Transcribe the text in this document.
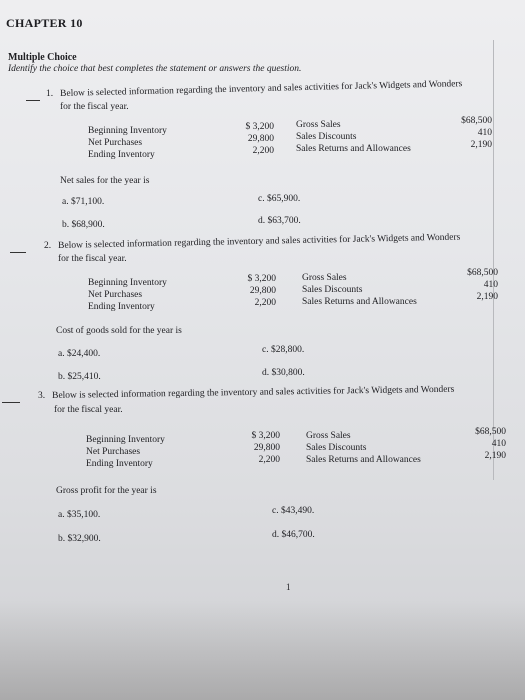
CHAPTER 10
Multiple Choice
Identify the choice that best completes the statement or answers the question.
1. Below is selected information regarding the inventory and sales activities for Jack's Widgets and Wonders
for the fiscal year.
Beginning Inventory
Net Purchases
Ending Inventory
$ 3,200
29,800
2,200
Gross Sales
Sales Discounts
Sales Returns and Allowances
$68,500
410
2,190
Net sales for the year is
a. $71,100.
b. $68,900.
c. $65,900.
d. $63,700.
2. Below is selected information regarding the inventory and sales activities for Jack's Widgets and Wonders
for the fiscal year.
Beginning Inventory
Net Purchases
Ending Inventory
$ 3,200
29,800
2,200
Gross Sales
Sales Discounts
Sales Returns and Allowances
$68,500
410
2,190
Cost of goods sold for the year is
a. $24,400.
b. $25,410.
c. $28,800.
d. $30,800.
3. Below is selected information regarding the inventory and sales activities for Jack's Widgets and Wonders
for the fiscal year.
Beginning Inventory
Net Purchases
Ending Inventory
$ 3,200
29,800
2,200
Gross Sales
Sales Discounts
Sales Returns and Allowances
$68,500
410
2,190
Gross profit for the year is
a. $35,100.
b. $32,900.
c. $43,490.
d. $46,700.
1
